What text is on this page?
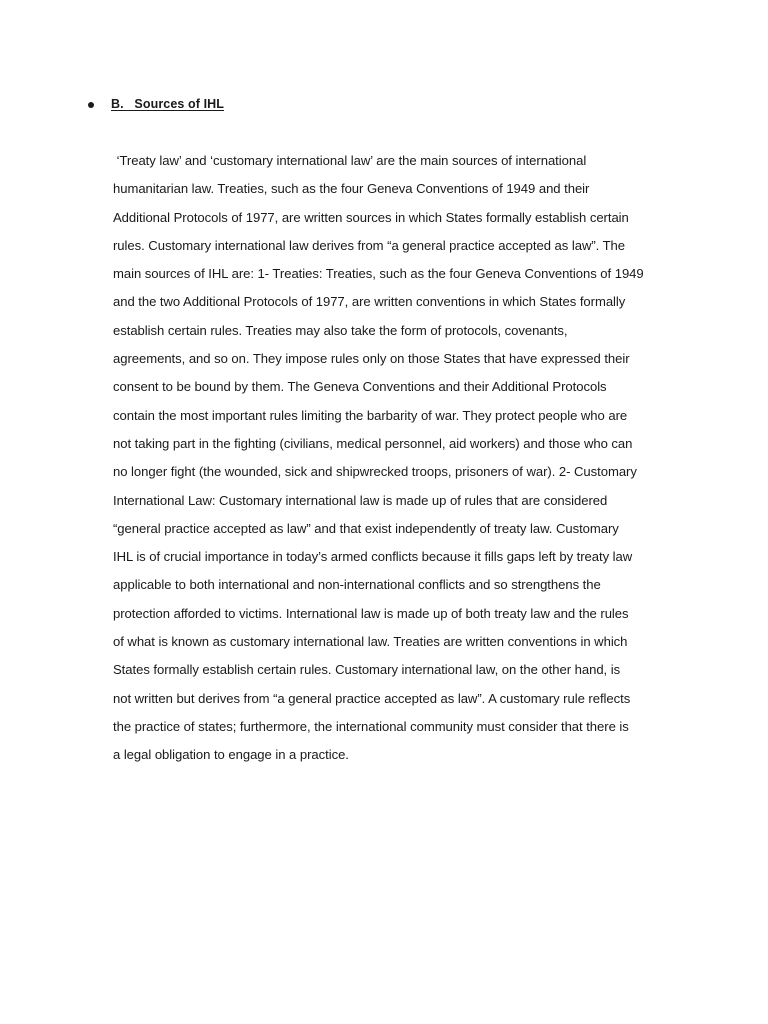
B.   Sources of IHL

‘Treaty law’ and ‘customary international law’ are the main sources of international
humanitarian law. Treaties, such as the four Geneva Conventions of 1949 and their
Additional Protocols of 1977, are written sources in which States formally establish certain
rules. Customary international law derives from “a general practice accepted as law”. The
main sources of IHL are: 1- Treaties: Treaties, such as the four Geneva Conventions of 1949
and the two Additional Protocols of 1977, are written conventions in which States formally
establish certain rules. Treaties may also take the form of protocols, covenants,
agreements, and so on. They impose rules only on those States that have expressed their
consent to be bound by them. The Geneva Conventions and their Additional Protocols
contain the most important rules limiting the barbarity of war. They protect people who are
not taking part in the fighting (civilians, medical personnel, aid workers) and those who can
no longer fight (the wounded, sick and shipwrecked troops, prisoners of war). 2- Customary
International Law: Customary international law is made up of rules that are considered
“general practice accepted as law” and that exist independently of treaty law. Customary
IHL is of crucial importance in today’s armed conflicts because it fills gaps left by treaty law
applicable to both international and non-international conflicts and so strengthens the
protection afforded to victims. International law is made up of both treaty law and the rules
of what is known as customary international law. Treaties are written conventions in which
States formally establish certain rules. Customary international law, on the other hand, is
not written but derives from “a general practice accepted as law”. A customary rule reflects
the practice of states; furthermore, the international community must consider that there is
a legal obligation to engage in a practice.
